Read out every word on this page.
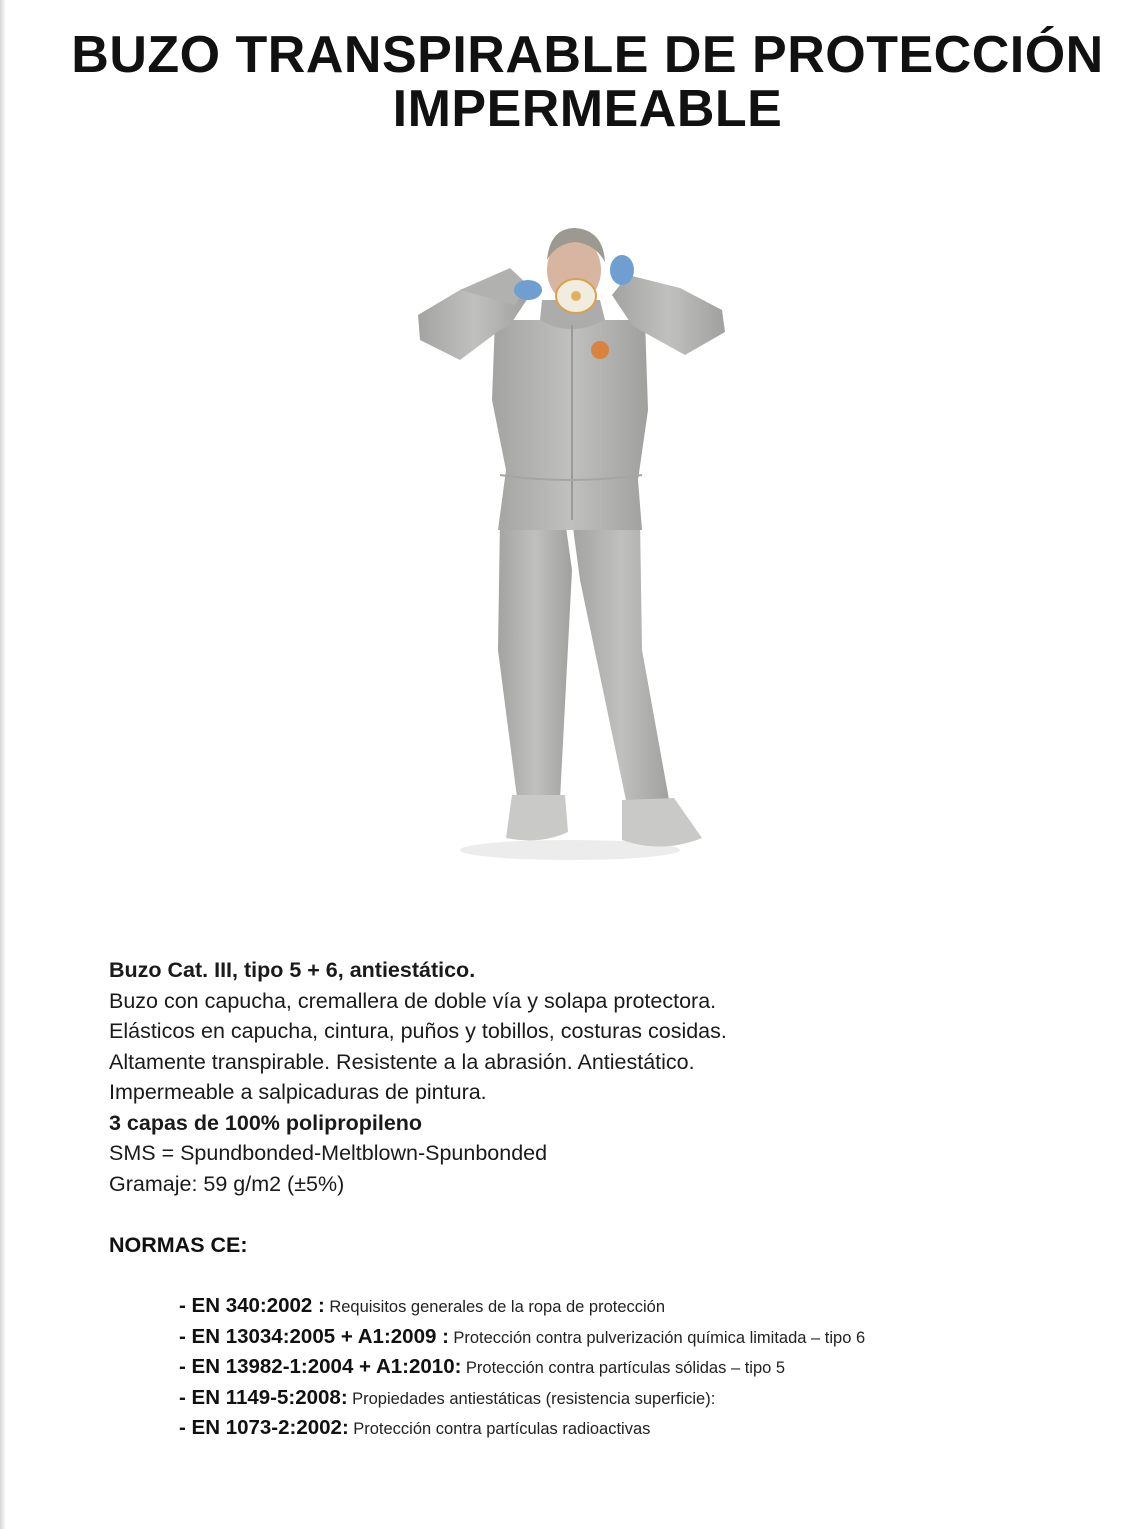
BUZO TRANSPIRABLE DE PROTECCIÓN
IMPERMEABLE
Buzo Cat. III, tipo 5 + 6, antiestático.
Buzo con capucha, cremallera de doble vía y solapa protectora.
Elásticos en capucha, cintura, puños y tobillos, costuras cosidas.
Altamente transpirable. Resistente a la abrasión. Antiestático.
Impermeable a salpicaduras de pintura.
3 capas de 100% polipropileno
SMS = Spundbonded-Meltblown-Spunbonded
Gramaje: 59 g/m2 (±5%)
NORMAS CE:
- EN 340:2002 : Requisitos generales de la ropa de protección
- EN 13034:2005 + A1:2009 : Protección contra pulverización química limitada – tipo 6
- EN 13982-1:2004 + A1:2010: Protección contra partículas sólidas – tipo 5
- EN 1149-5:2008: Propiedades antiestáticas (resistencia superficie):
- EN 1073-2:2002: Protección contra partículas radioactivas
